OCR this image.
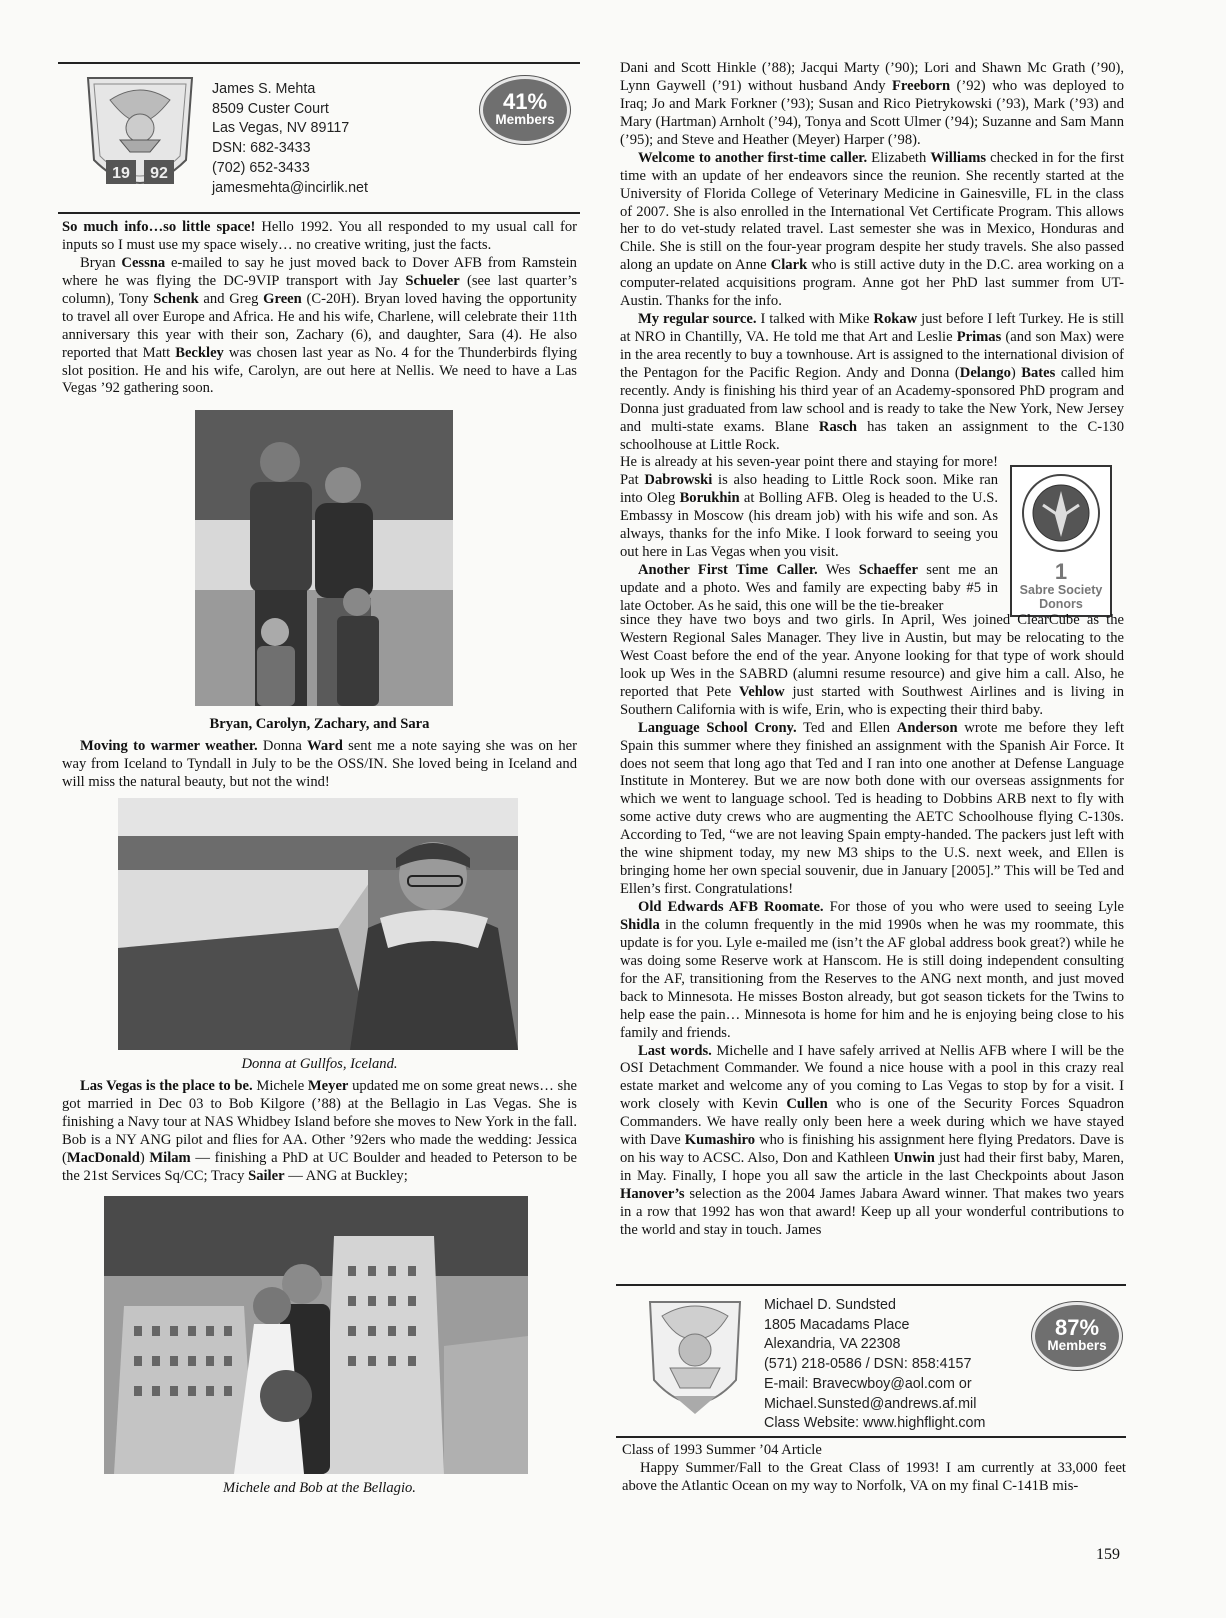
19 92
James S. Mehta
8509 Custer Court
Las Vegas, NV 89117
DSN: 682-3433
(702) 652-3433
jamesmehta@incirlik.net
41%
Members

So much info…so little space! Hello 1992. You all responded to my usual call for inputs so I must use my space wisely… no creative writing, just the facts.

Bryan Cessna e-mailed to say he just moved back to Dover AFB from Ramstein where he was flying the DC-9VIP transport with Jay Schueler (see last quarter’s column), Tony Schenk and Greg Green (C-20H). Bryan loved having the opportunity to travel all over Europe and Africa. He and his wife, Charlene, will celebrate their 11th anniversary this year with their son, Zachary (6), and daughter, Sara (4). He also reported that Matt Beckley was chosen last year as No. 4 for the Thunderbirds flying slot position. He and his wife, Carolyn, are out here at Nellis. We need to have a Las Vegas ’92 gathering soon.

Bryan, Carolyn, Zachary, and Sara

Moving to warmer weather. Donna Ward sent me a note saying she was on her way from Iceland to Tyndall in July to be the OSS/IN. She loved being in Iceland and will miss the natural beauty, but not the wind!

Donna at Gullfos, Iceland.

Las Vegas is the place to be. Michele Meyer updated me on some great news… she got married in Dec 03 to Bob Kilgore (’88) at the Bellagio in Las Vegas. She is finishing a Navy tour at NAS Whidbey Island before she moves to New York in the fall. Bob is a NY ANG pilot and flies for AA. Other ’92ers who made the wedding: Jessica (MacDonald) Milam — finishing a PhD at UC Boulder and headed to Peterson to be the 21st Services Sq/CC; Tracy Sailer — ANG at Buckley;

Michele and Bob at the Bellagio.

Dani and Scott Hinkle (’88); Jacqui Marty (’90); Lori and Shawn Mc Grath (’90), Lynn Gaywell (’91) without husband Andy Freeborn (’92) who was deployed to Iraq; Jo and Mark Forkner (’93); Susan and Rico Pietrykowski (’93), Mark (’93) and Mary (Hartman) Arnholt (’94), Tonya and Scott Ulmer (’94); Suzanne and Sam Mann (’95); and Steve and Heather (Meyer) Harper (’98).

Welcome to another first-time caller. Elizabeth Williams checked in for the first time with an update of her endeavors since the reunion. She recently started at the University of Florida College of Veterinary Medicine in Gainesville, FL in the class of 2007. She is also enrolled in the International Vet Certificate Program. This allows her to do vet-study related travel. Last semester she was in Mexico, Honduras and Chile. She is still on the four-year program despite her study travels. She also passed along an update on Anne Clark who is still active duty in the D.C. area working on a computer-related acquisitions program. Anne got her PhD last summer from UT-Austin. Thanks for the info.

My regular source. I talked with Mike Rokaw just before I left Turkey. He is still at NRO in Chantilly, VA. He told me that Art and Leslie Primas (and son Max) were in the area recently to buy a townhouse. Art is assigned to the international division of the Pentagon for the Pacific Region. Andy and Donna (Delango) Bates called him recently. Andy is finishing his third year of an Academy-sponsored PhD program and Donna just graduated from law school and is ready to take the New York, New Jersey and multi-state exams. Blane Rasch has taken an assignment to the C-130 schoolhouse at Little Rock.

He is already at his seven-year point there and staying for more! Pat Dabrowski is also heading to Little Rock soon. Mike ran into Oleg Borukhin at Bolling AFB. Oleg is headed to the U.S. Embassy in Moscow (his dream job) with his wife and son. As always, thanks for the info Mike. I look forward to seeing you out here in Las Vegas when you visit.

Another First Time Caller. Wes Schaeffer sent me an update and a photo. Wes and family are expecting baby #5 in late October. As he said, this one will be the tie-breaker

1
Sabre Society
Donors

since they have two boys and two girls. In April, Wes joined ClearCube as the Western Regional Sales Manager. They live in Austin, but may be relocating to the West Coast before the end of the year. Anyone looking for that type of work should look up Wes in the SABRD (alumni resume resource) and give him a call. Also, he reported that Pete Vehlow just started with Southwest Airlines and is living in Southern California with is wife, Erin, who is expecting their third baby.

Language School Crony. Ted and Ellen Anderson wrote me before they left Spain this summer where they finished an assignment with the Spanish Air Force. It does not seem that long ago that Ted and I ran into one another at Defense Language Institute in Monterey. But we are now both done with our overseas assignments for which we went to language school. Ted is heading to Dobbins ARB next to fly with some active duty crews who are augmenting the AETC Schoolhouse flying C-130s. According to Ted, “we are not leaving Spain empty-handed. The packers just left with the wine shipment today, my new M3 ships to the U.S. next week, and Ellen is bringing home her own special souvenir, due in January [2005].” This will be Ted and Ellen’s first. Congratulations!

Old Edwards AFB Roomate. For those of you who were used to seeing Lyle Shidla in the column frequently in the mid 1990s when he was my roommate, this update is for you. Lyle e-mailed me (isn’t the AF global address book great?) while he was doing some Reserve work at Hanscom. He is still doing independent consulting for the AF, transitioning from the Reserves to the ANG next month, and just moved back to Minnesota. He misses Boston already, but got season tickets for the Twins to help ease the pain… Minnesota is home for him and he is enjoying being close to his family and friends.

Last words. Michelle and I have safely arrived at Nellis AFB where I will be the OSI Detachment Commander. We found a nice house with a pool in this crazy real estate market and welcome any of you coming to Las Vegas to stop by for a visit. I work closely with Kevin Cullen who is one of the Security Forces Squadron Commanders. We have really only been here a week during which we have stayed with Dave Kumashiro who is finishing his assignment here flying Predators. Dave is on his way to ACSC. Also, Don and Kathleen Unwin just had their first baby, Maren, in May. Finally, I hope you all saw the article in the last Checkpoints about Jason Hanover’s selection as the 2004 James Jabara Award winner. That makes two years in a row that 1992 has won that award! Keep up all your wonderful contributions to the world and stay in touch. James

Michael D. Sundsted
1805 Macadams Place
Alexandria, VA 22308
(571) 218-0586 / DSN: 858:4157
E-mail: Bravecwboy@aol.com or
Michael.Sunsted@andrews.af.mil
Class Website: www.highflight.com
87%
Members

Class of 1993 Summer ’04 Article

Happy Summer/Fall to the Great Class of 1993! I am currently at 33,000 feet above the Atlantic Ocean on my way to Norfolk, VA on my final C-141B mis-

159
